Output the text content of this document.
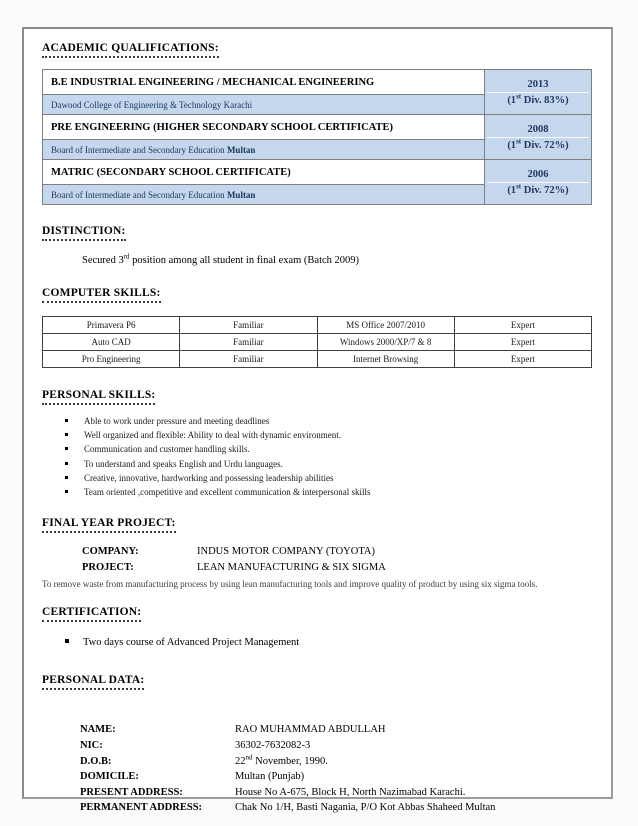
ACADEMIC QUALIFICATIONS:
B.E INDUSTRIAL ENGINEERING / MECHANICAL ENGINEERING	2013
(1st Div. 83%)

Dawood College of Engineering & Technology Karachi	
PRE ENGINEERING (HIGHER SECONDARY SCHOOL CERTIFICATE)	2008
(1st Div. 72%)

Board of Intermediate and Secondary Education Multan	
MATRIC (SECONDARY SCHOOL CERTIFICATE)	2006
(1st Div. 72%)

Board of Intermediate and Secondary Education Multan	
DISTINCTION:
Secured 3rd position among all student in final exam (Batch 2009)
COMPUTER SKILLS:
Primavera P6	Familiar	MS Office 2007/2010	Expert
Auto CAD	Familiar	Windows 2000/XP/7 & 8	Expert
Pro Engineering	Familiar	Internet Browsing	Expert
PERSONAL SKILLS:
Able to work under pressure and meeting deadlines
Well organized and flexible: Ability to deal with dynamic environment.
Communication and customer handling skills.
To understand and speaks English and Urdu languages.
Creative, innovative, hardworking and possessing leadership abilities
Team oriented ,competitive and excellent communication & interpersonal skills
FINAL YEAR PROJECT:
COMPANY:	INDUS MOTOR COMPANY (TOYOTA)
PROJECT:	LEAN MANUFACTURING & SIX SIGMA
To remove waste from manufacturing process by using lean manufacturing tools and improve quality of product by using six sigma tools.
CERTIFICATION:
Two days course of Advanced Project Management
PERSONAL DATA:
NAME:	RAO MUHAMMAD ABDULLAH
NIC:	36302-7632082-3
D.O.B:	22nd November, 1990.
DOMICILE:	Multan (Punjab)
PRESENT ADDRESS:	House No A-675, Block H, North Nazimabad Karachi.
PERMANENT ADDRESS:	Chak No 1/H, Basti Nagania, P/O Kot Abbas Shaheed Multan
